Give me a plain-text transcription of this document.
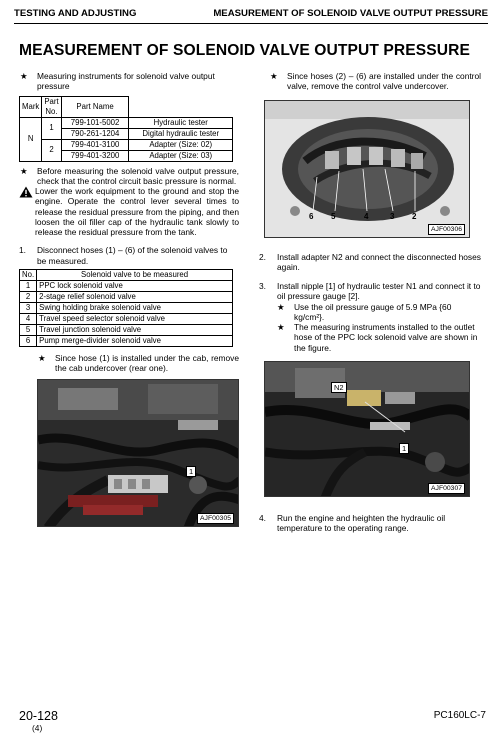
TESTING AND ADJUSTING	MEASUREMENT OF SOLENOID VALVE OUTPUT PRESSURE
MEASUREMENT OF SOLENOID VALVE OUTPUT PRESSURE
★	Measuring instruments for solenoid valve output pressure
Mark	Part No.	Part Name	
N	1	799-101-5002	Hydraulic tester
		790-261-1204	Digital hydraulic tester
	2	799-401-3100	Adapter (Size: 02)
		799-401-3200	Adapter (Size: 03)
★	Before measuring the solenoid valve output pressure, check that the control circuit basic pressure is normal.
Lower the work equipment to the ground and stop the engine. Operate the control lever several times to release the residual pressure from the piping, and then loosen the oil filler cap of the hydraulic tank slowly to release the residual pressure from the tank.
1.	Disconnect hoses (1) – (6) of the solenoid valves to be measured.
No.	Solenoid valve to be measured
1	PPC lock solenoid valve
2	2-stage relief solenoid valve
3	Swing holding brake solenoid valve
4	Travel speed selector solenoid valve
5	Travel junction solenoid valve
6	Pump merge-divider solenoid valve
★	Since hose (1) is installed under the cab, remove the cab undercover (rear one).
1
AJF00305
★	Since hoses (2) – (6) are installed under the control valve, remove the control valve undercover.
6 5	4	3 2
AJF00306
2.	Install adapter N2 and connect the disconnected hoses again.
3.	Install nipple [1] of hydraulic tester N1 and connect it to oil pressure gauge [2].
★	Use the oil pressure gauge of 5.9 MPa {60 kg/cm²}.
★	The measuring instruments installed to the outlet hose of the PPC lock solenoid valve are shown in the figure.
N2
1
AJF00307
4.	Run the engine and heighten the hydraulic oil temperature to the operating range.
20-128
(4)
PC160LC-7
